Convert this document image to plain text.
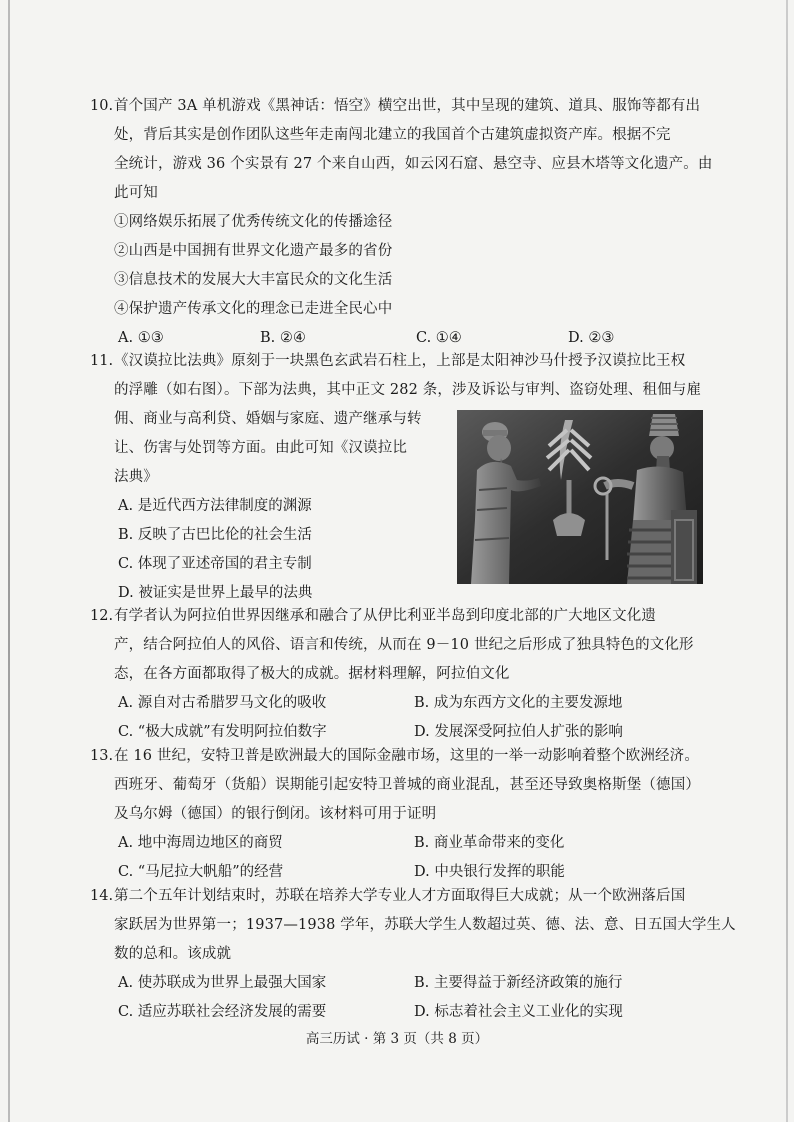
10. 首个国产 3A 单机游戏《黑神话：悟空》横空出世，其中呈现的建筑、道具、服饰等都有出
处，背后其实是创作团队这些年走南闯北建立的我国首个古建筑虚拟资产库。根据不完
全统计，游戏 36 个实景有 27 个来自山西，如云冈石窟、悬空寺、应县木塔等文化遗产。由
此可知
①网络娱乐拓展了优秀传统文化的传播途径
②山西是中国拥有世界文化遗产最多的省份
③信息技术的发展大大丰富民众的文化生活
④保护遗产传承文化的理念已走进全民心中
A. ①③	B. ②④	C. ①④	D. ②③
11. 《汉谟拉比法典》原刻于一块黑色玄武岩石柱上，上部是太阳神沙马什授予汉谟拉比王权
的浮雕（如右图）。下部为法典，其中正文 282 条，涉及诉讼与审判、盗窃处理、租佃与雇
佣、商业与高利贷、婚姻与家庭、遗产继承与转
让、伤害与处罚等方面。由此可知《汉谟拉比
法典》
A. 是近代西方法律制度的渊源
B. 反映了古巴比伦的社会生活
C. 体现了亚述帝国的君主专制
D. 被证实是世界上最早的法典
12. 有学者认为阿拉伯世界因继承和融合了从伊比利亚半岛到印度北部的广大地区文化遗
产，结合阿拉伯人的风俗、语言和传统，从而在 9－10 世纪之后形成了独具特色的文化形
态，在各方面都取得了极大的成就。据材料理解，阿拉伯文化
A. 源自对古希腊罗马文化的吸收	B. 成为东西方文化的主要发源地
C. “极大成就”有发明阿拉伯数字	D. 发展深受阿拉伯人扩张的影响
13. 在 16 世纪，安特卫普是欧洲最大的国际金融市场，这里的一举一动影响着整个欧洲经济。
西班牙、葡萄牙（货船）误期能引起安特卫普城的商业混乱，甚至还导致奥格斯堡（德国）
及乌尔姆（德国）的银行倒闭。该材料可用于证明
A. 地中海周边地区的商贸	B. 商业革命带来的变化
C. “马尼拉大帆船”的经营	D. 中央银行发挥的职能
14. 第二个五年计划结束时，苏联在培养大学专业人才方面取得巨大成就；从一个欧洲落后国
家跃居为世界第一；1937—1938 学年，苏联大学生人数超过英、德、法、意、日五国大学生人
数的总和。该成就
A. 使苏联成为世界上最强大国家	B. 主要得益于新经济政策的施行
C. 适应苏联社会经济发展的需要	D. 标志着社会主义工业化的实现
高三历试 · 第 3 页（共 8 页）
